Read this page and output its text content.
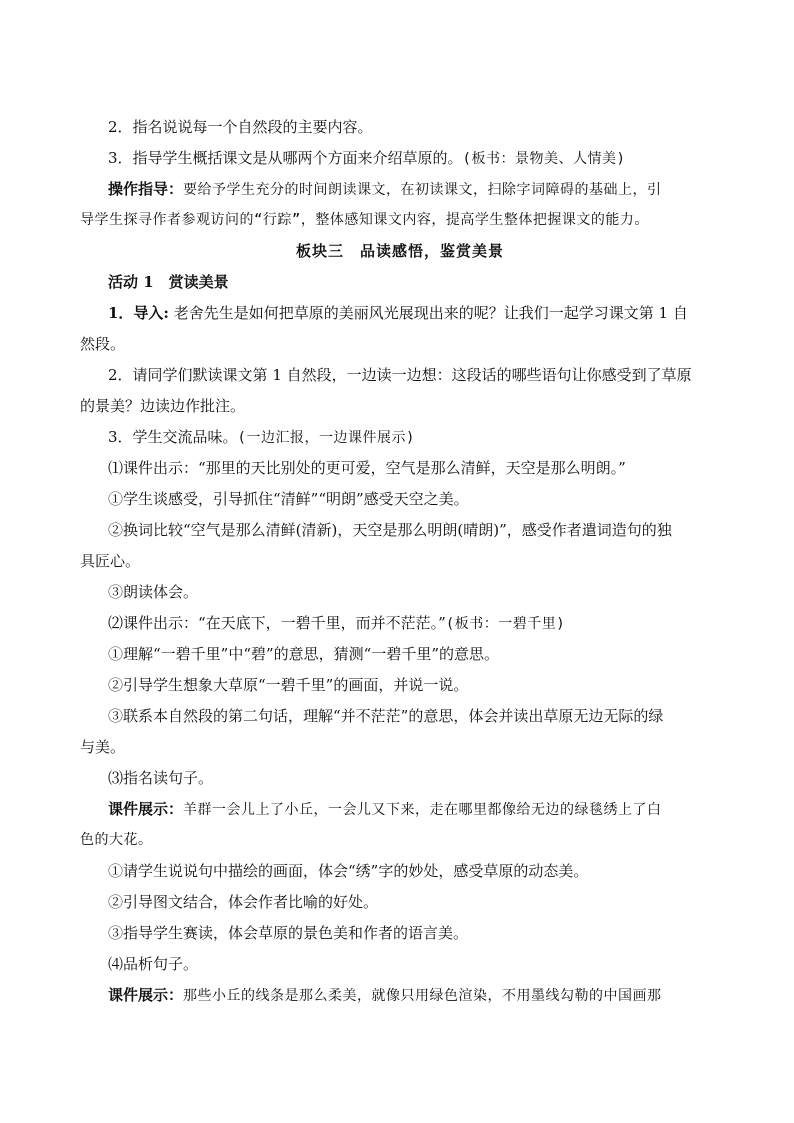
2．指名说说每一个自然段的主要内容。
3．指导学生概括课文是从哪两个方面来介绍草原的。(板书：景物美、人情美)
操作指导：要给予学生充分的时间朗读课文，在初读课文，扫除字词障碍的基础上，引
导学生探寻作者参观访问的“行踪”，整体感知课文内容，提高学生整体把握课文的能力。
板块三　品读感悟，鉴赏美景
活动 1　赏读美景
1．导入: 老舍先生是如何把草原的美丽风光展现出来的呢？让我们一起学习课文第 1 自
然段。
2．请同学们默读课文第 1 自然段，一边读一边想：这段话的哪些语句让你感受到了草原
的景美？边读边作批注。
3．学生交流品味。(一边汇报，一边课件展示)
⑴课件出示：“那里的天比别处的更可爱，空气是那么清鲜，天空是那么明朗。”
①学生谈感受，引导抓住“清鲜”“明朗”感受天空之美。
②换词比较“空气是那么清鲜(清新)，天空是那么明朗(晴朗)”，感受作者遣词造句的独
具匠心。
③朗读体会。
⑵课件出示：“在天底下，一碧千里，而并不茫茫。”(板书：一碧千里)
①理解“一碧千里”中“碧”的意思，猜测“一碧千里”的意思。
②引导学生想象大草原“一碧千里”的画面，并说一说。
③联系本自然段的第二句话，理解“并不茫茫”的意思，体会并读出草原无边无际的绿
与美。
⑶指名读句子。
课件展示：羊群一会儿上了小丘，一会儿又下来，走在哪里都像给无边的绿毯绣上了白
色的大花。
①请学生说说句中描绘的画面，体会“绣”字的妙处，感受草原的动态美。
②引导图文结合，体会作者比喻的好处。
③指导学生赛读，体会草原的景色美和作者的语言美。
⑷品析句子。
课件展示：那些小丘的线条是那么柔美，就像只用绿色渲染，不用墨线勾勒的中国画那
